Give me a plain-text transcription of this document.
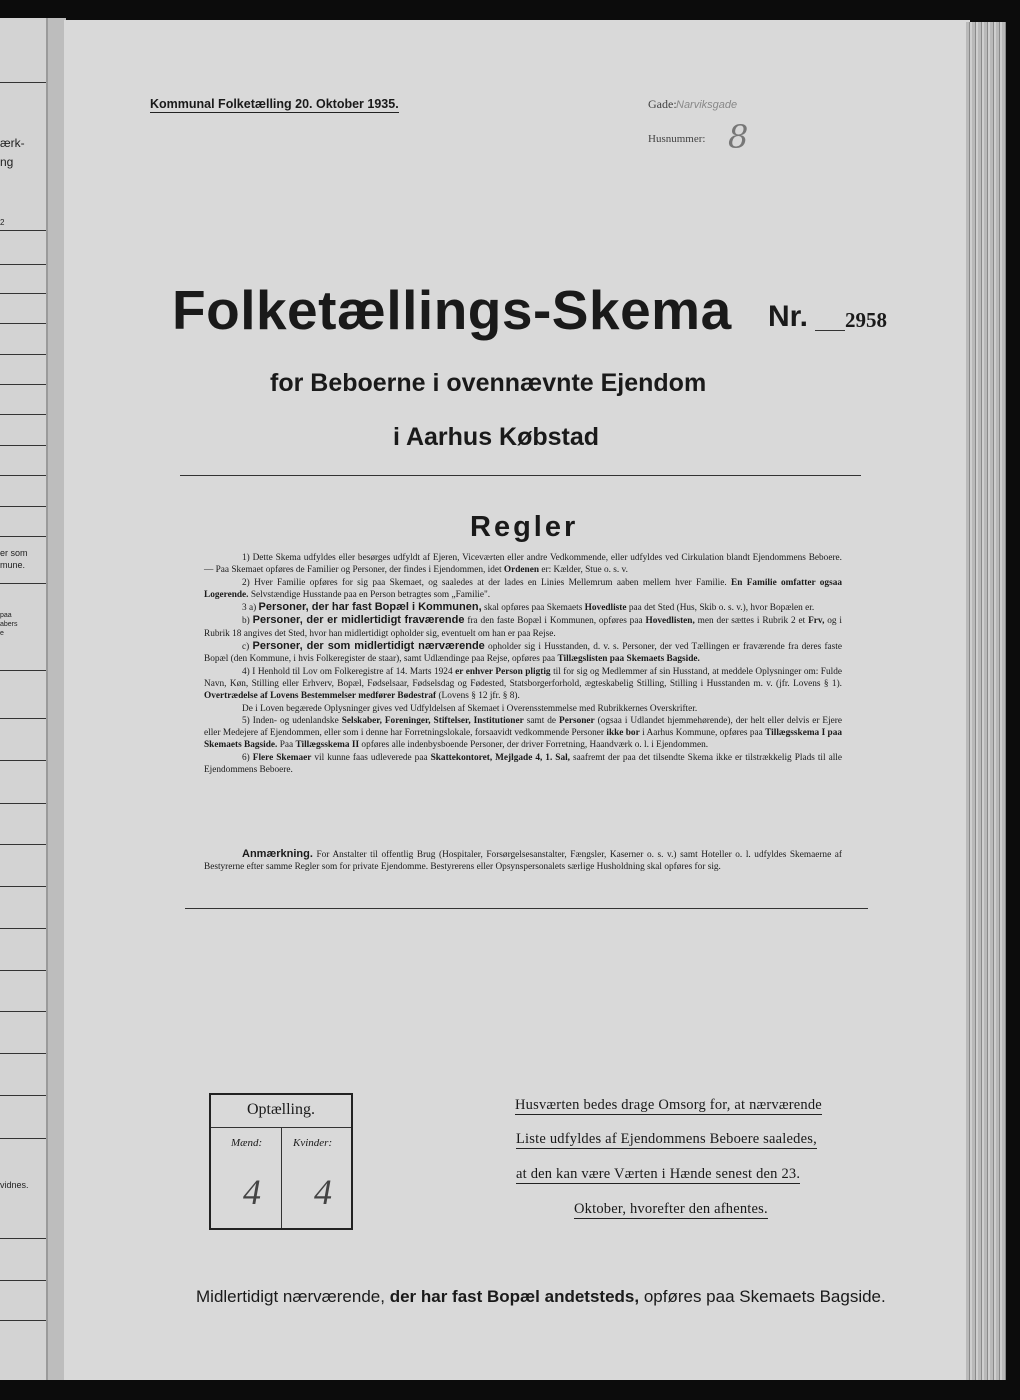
ærk-
ng
2
er som
mune.
paa
abers
e
vidnes.
Kommunal Folketælling 20. Oktober 1935.	Gade: Narviksgade
Husnummer: 8
Folketællings-Skema Nr. 2958
for Beboerne i ovennævnte Ejendom
i Aarhus Købstad
Regler

1) Dette Skema udfyldes eller besørges udfyldt af Ejeren, Viceværten eller andre Vedkommende, eller udfyldes ved Cirkulation blandt Ejendommens Beboere. — Paa Skemaet opføres de Familier og Personer, der findes i Ejendommen, idet Ordenen er: Kælder, Stue o. s. v.

2) Hver Familie opføres for sig paa Skemaet, og saaledes at der lades en Linies Mellemrum aaben mellem hver Familie. En Familie omfatter ogsaa Logerende. Selvstændige Husstande paa en Person betragtes som „Familie".

3 a) Personer, der har fast Bopæl i Kommunen, skal opføres paa Skemaets Hovedliste paa det Sted (Hus, Skib o. s. v.), hvor Bopælen er.

b) Personer, der er midlertidigt fraværende fra den faste Bopæl i Kommunen, opføres paa Hovedlisten, men der sættes i Rubrik 2 et Frv, og i Rubrik 18 angives det Sted, hvor han midlertidigt opholder sig, eventuelt om han er paa Rejse.

c) Personer, der som midlertidigt nærværende opholder sig i Husstanden, d. v. s. Personer, der ved Tællingen er fraværende fra deres faste Bopæl (den Kommune, i hvis Folkeregister de staar), samt Udlændinge paa Rejse, opføres paa Tillægslisten paa Skemaets Bagside.

4) I Henhold til Lov om Folkeregistre af 14. Marts 1924 er enhver Person pligtig til for sig og Medlemmer af sin Husstand, at meddele Oplysninger om: Fulde Navn, Køn, Stilling eller Erhverv, Bopæl, Fødselsaar, Fødselsdag og Fødested, Statsborgerforhold, ægteskabelig Stilling, Stilling i Husstanden m. v. (jfr. Lovens § 1). Overtrædelse af Lovens Bestemmelser medfører Bødestraf (Lovens § 12 jfr. § 8).

De i Loven begærede Oplysninger gives ved Udfyldelsen af Skemaet i Overensstemmelse med Rubrikkernes Overskrifter.

5) Inden- og udenlandske Selskaber, Foreninger, Stiftelser, Institutioner samt de Personer (ogsaa i Udlandet hjemmehørende), der helt eller delvis er Ejere eller Medejere af Ejendommen, eller som i denne har Forretningslokale, forsaavidt vedkommende Personer ikke bor i Aarhus Kommune, opføres paa Tillægsskema I paa Skemaets Bagside. Paa Tillægsskema II opføres alle indenbysboende Personer, der driver Forretning, Haandværk o. l. i Ejendommen.

6) Flere Skemaer vil kunne faas udleverede paa Skattekontoret, Mejlgade 4, 1. Sal, saafremt der paa det tilsendte Skema ikke er tilstrækkelig Plads til alle Ejendommens Beboere.

Anmærkning. For Anstalter til offentlig Brug (Hospitaler, Forsørgelsesanstalter, Fængsler, Kaserner o. s. v.) samt Hoteller o. l. udfyldes Skemaerne af Bestyrerne efter samme Regler som for private Ejendomme. Bestyrerens eller Opsynspersonalets særlige Husholdning skal opføres for sig.

Optælling.
Mænd:	Kvinder:
4 4
Husværten bedes drage Omsorg for, at nærværende
Liste udfyldes af Ejendommens Beboere saaledes,
at den kan være Værten i Hænde senest den 23.
Oktober, hvorefter den afhentes.
Midlertidigt nærværende, der har fast Bopæl andetsteds, opføres paa Skemaets Bagside.
